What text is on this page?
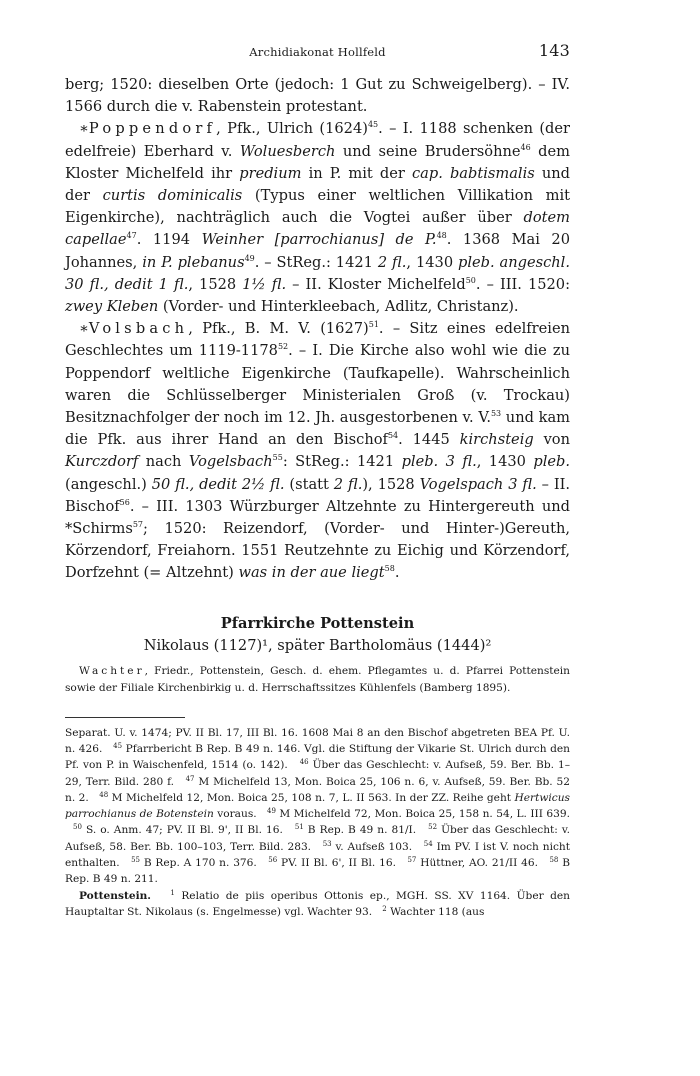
Archidiakonat Hollfeld	143

berg; 1520: dieselben Orte (jedoch: 1 Gut zu Schweigelberg). – IV. 1566 durch die v. Rabenstein protestant.

∗Poppendorf, Pfk., Ulrich $(1624)^{45}$. – I. 1188 schenken (der edelfreie) Eberhard v. Woluesberch und seine Brudersöhne$^{46}$ dem Kloster Michelfeld ihr predium in P. mit der cap. babtismalis und der curtis dominicalis (Typus einer weltlichen Villikation mit Eigenkirche), nachträglich auch die Vogtei außer über dotem capellae$^{47}$. 1194 Weinher [parrochianus] de P.$^{48}$. 1368 Mai 20 Johannes, in P. plebanus$^{49}$. – StReg.: 1421 2 fl., 1430 pleb. angeschl. 30 fl., dedit 1 fl., 1528 1½ fl. – II. Kloster Michelfeld$^{50}$. – III. 1520: zwey Kleben (Vorder- und Hinterkleebach, Adlitz, Christanz).

∗Volsbach, Pfk., B. M. V. $(1627)^{51}$. – Sitz eines edelfreien Geschlechtes um 1119-1178$^{52}$. – I. Die Kirche also wohl wie die zu Poppendorf weltliche Eigenkirche (Taufkapelle). Wahrscheinlich waren die Schlüsselberger Ministerialen Groß (v. Trockau) Besitznachfolger der noch im 12. Jh. ausgestorbenen v. V.$^{53}$ und kam die Pfk. aus ihrer Hand an den Bischof$^{54}$. 1445 kirchsteig von Kurczdorf nach Vogelsbach$^{55}$: StReg.: 1421 pleb. 3 fl., 1430 pleb. (angeschl.) 50 fl., dedit 2½ fl. (statt 2 fl.), 1528 Vogelspach 3 fl. – II. Bischof$^{56}$. – III. 1303 Würzburger Altzehnte zu Hintergereuth und *Schirms$^{57}$; 1520: Reizendorf, (Vorder- und Hinter-)Gereuth, Körzendorf, Freiahorn. 1551 Reutzehnte zu Eichig und Körzendorf, Dorfzehnt (= Altzehnt) was in der aue liegt$^{58}$.

Pfarrkirche Pottenstein
Nikolaus (1127)¹, später Bartholomäus (1444)²
Wachter, Friedr., Pottenstein, Gesch. d. ehem. Pflegamtes u. d. Pfarrei Pottenstein sowie der Filiale Kirchenbirkig u. d. Herrschaftssitzes Kühlenfels (Bamberg 1895).

Separat. U. v. 1474; PV. II Bl. 17, III Bl. 16. 1608 Mai 8 an den Bischof abgetreten BEA Pf. U. n. 426. $^{45}$ Pfarrbericht B Rep. B 49 n. 146. Vgl. die Stiftung der Vikarie St. Ulrich durch den Pf. von P. in Waischenfeld, 1514 (o. 142). $^{46}$ Über das Geschlecht: v. Aufseß, 59. Ber. Bb. 1–29, Terr. Bild. 280 f. $^{47}$ M Michelfeld 13, Mon. Boica 25, 106 n. 6, v. Aufseß, 59. Ber. Bb. 52 n. 2. $^{48}$ M Michelfeld 12, Mon. Boica 25, 108 n. 7, L. II 563. In der ZZ. Reihe geht Hertwicus parrochianus de Botenstein voraus. $^{49}$ M Michelfeld 72, Mon. Boica 25, 158 n. 54, L. III 639.   $^{50}$ S. o. Anm. 47; PV. II Bl. 9', II Bl. 16. $^{51}$ B Rep. B 49 n. 81/I. $^{52}$ Über das Geschlecht: v. Aufseß, 58. Ber. Bb. 100–103, Terr. Bild. 283. $^{53}$ v. Aufseß 103. $^{54}$ Im PV. I ist V. noch nicht enthalten. $^{55}$ B Rep. A 170 n. 376. $^{56}$ PV. II Bl. 6', II Bl. 16. $^{57}$ Hüttner, AO. 21/II 46. $^{58}$ B Rep. B 49 n. 211.

Pottenstein.	$^1$ Relatio de piis operibus Ottonis ep., MGH. SS. XV 1164. Über den Hauptaltar St. Nikolaus (s. Engelmesse) vgl. Wachter 93. $^2$ Wachter 118 (aus
